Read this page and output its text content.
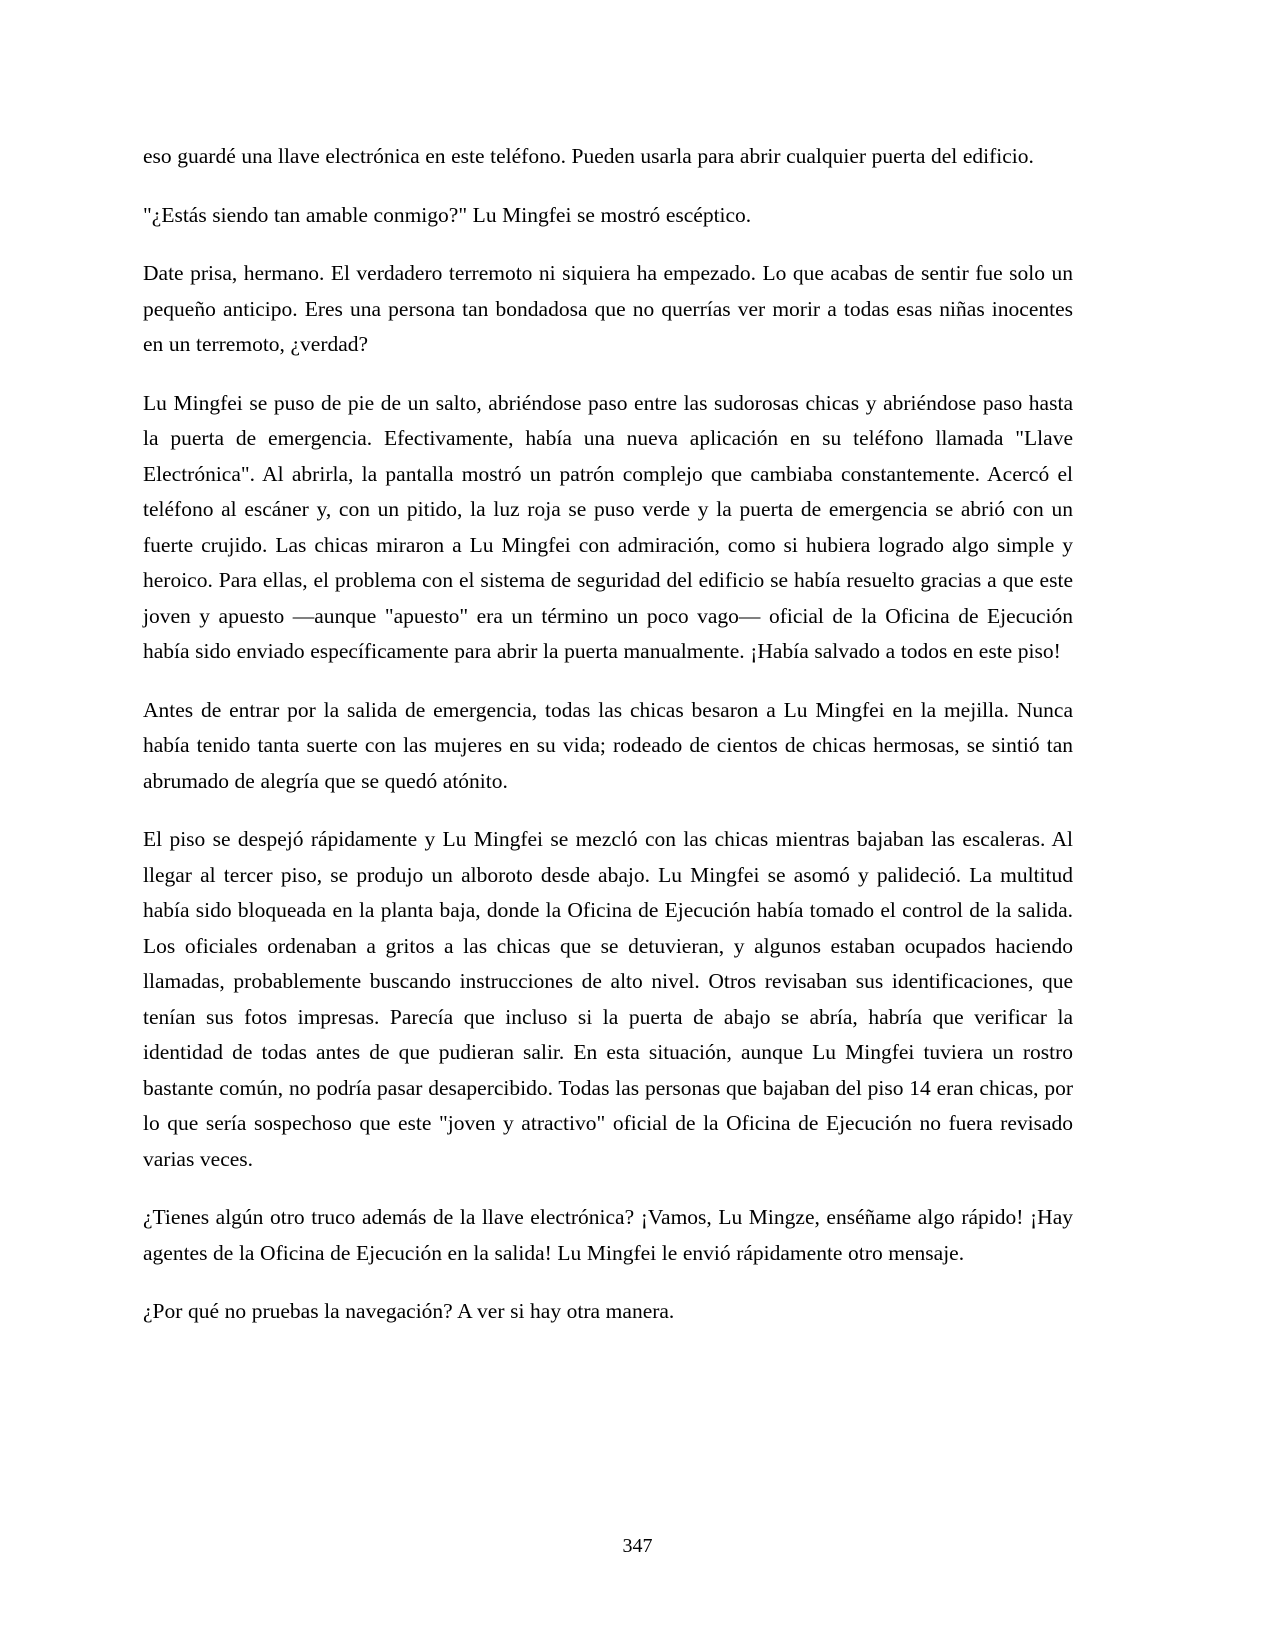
eso guardé una llave electrónica en este teléfono. Pueden usarla para abrir cualquier puerta del edificio.

"¿Estás siendo tan amable conmigo?" Lu Mingfei se mostró escéptico.

Date prisa, hermano. El verdadero terremoto ni siquiera ha empezado. Lo que acabas de sentir fue solo un pequeño anticipo. Eres una persona tan bondadosa que no querrías ver morir a todas esas niñas inocentes en un terremoto, ¿verdad?

Lu Mingfei se puso de pie de un salto, abriéndose paso entre las sudorosas chicas y abriéndose paso hasta la puerta de emergencia. Efectivamente, había una nueva aplicación en su teléfono llamada "Llave Electrónica". Al abrirla, la pantalla mostró un patrón complejo que cambiaba constantemente. Acercó el teléfono al escáner y, con un pitido, la luz roja se puso verde y la puerta de emergencia se abrió con un fuerte crujido. Las chicas miraron a Lu Mingfei con admiración, como si hubiera logrado algo simple y heroico. Para ellas, el problema con el sistema de seguridad del edificio se había resuelto gracias a que este joven y apuesto —aunque "apuesto" era un término un poco vago— oficial de la Oficina de Ejecución había sido enviado específicamente para abrir la puerta manualmente. ¡Había salvado a todos en este piso!

Antes de entrar por la salida de emergencia, todas las chicas besaron a Lu Mingfei en la mejilla. Nunca había tenido tanta suerte con las mujeres en su vida; rodeado de cientos de chicas hermosas, se sintió tan abrumado de alegría que se quedó atónito.

El piso se despejó rápidamente y Lu Mingfei se mezcló con las chicas mientras bajaban las escaleras. Al llegar al tercer piso, se produjo un alboroto desde abajo. Lu Mingfei se asomó y palideció. La multitud había sido bloqueada en la planta baja, donde la Oficina de Ejecución había tomado el control de la salida. Los oficiales ordenaban a gritos a las chicas que se detuvieran, y algunos estaban ocupados haciendo llamadas, probablemente buscando instrucciones de alto nivel. Otros revisaban sus identificaciones, que tenían sus fotos impresas. Parecía que incluso si la puerta de abajo se abría, habría que verificar la identidad de todas antes de que pudieran salir. En esta situación, aunque Lu Mingfei tuviera un rostro bastante común, no podría pasar desapercibido. Todas las personas que bajaban del piso 14 eran chicas, por lo que sería sospechoso que este "joven y atractivo" oficial de la Oficina de Ejecución no fuera revisado varias veces.

¿Tienes algún otro truco además de la llave electrónica? ¡Vamos, Lu Mingze, enséñame algo rápido! ¡Hay agentes de la Oficina de Ejecución en la salida! Lu Mingfei le envió rápidamente otro mensaje.

¿Por qué no pruebas la navegación? A ver si hay otra manera.

347
